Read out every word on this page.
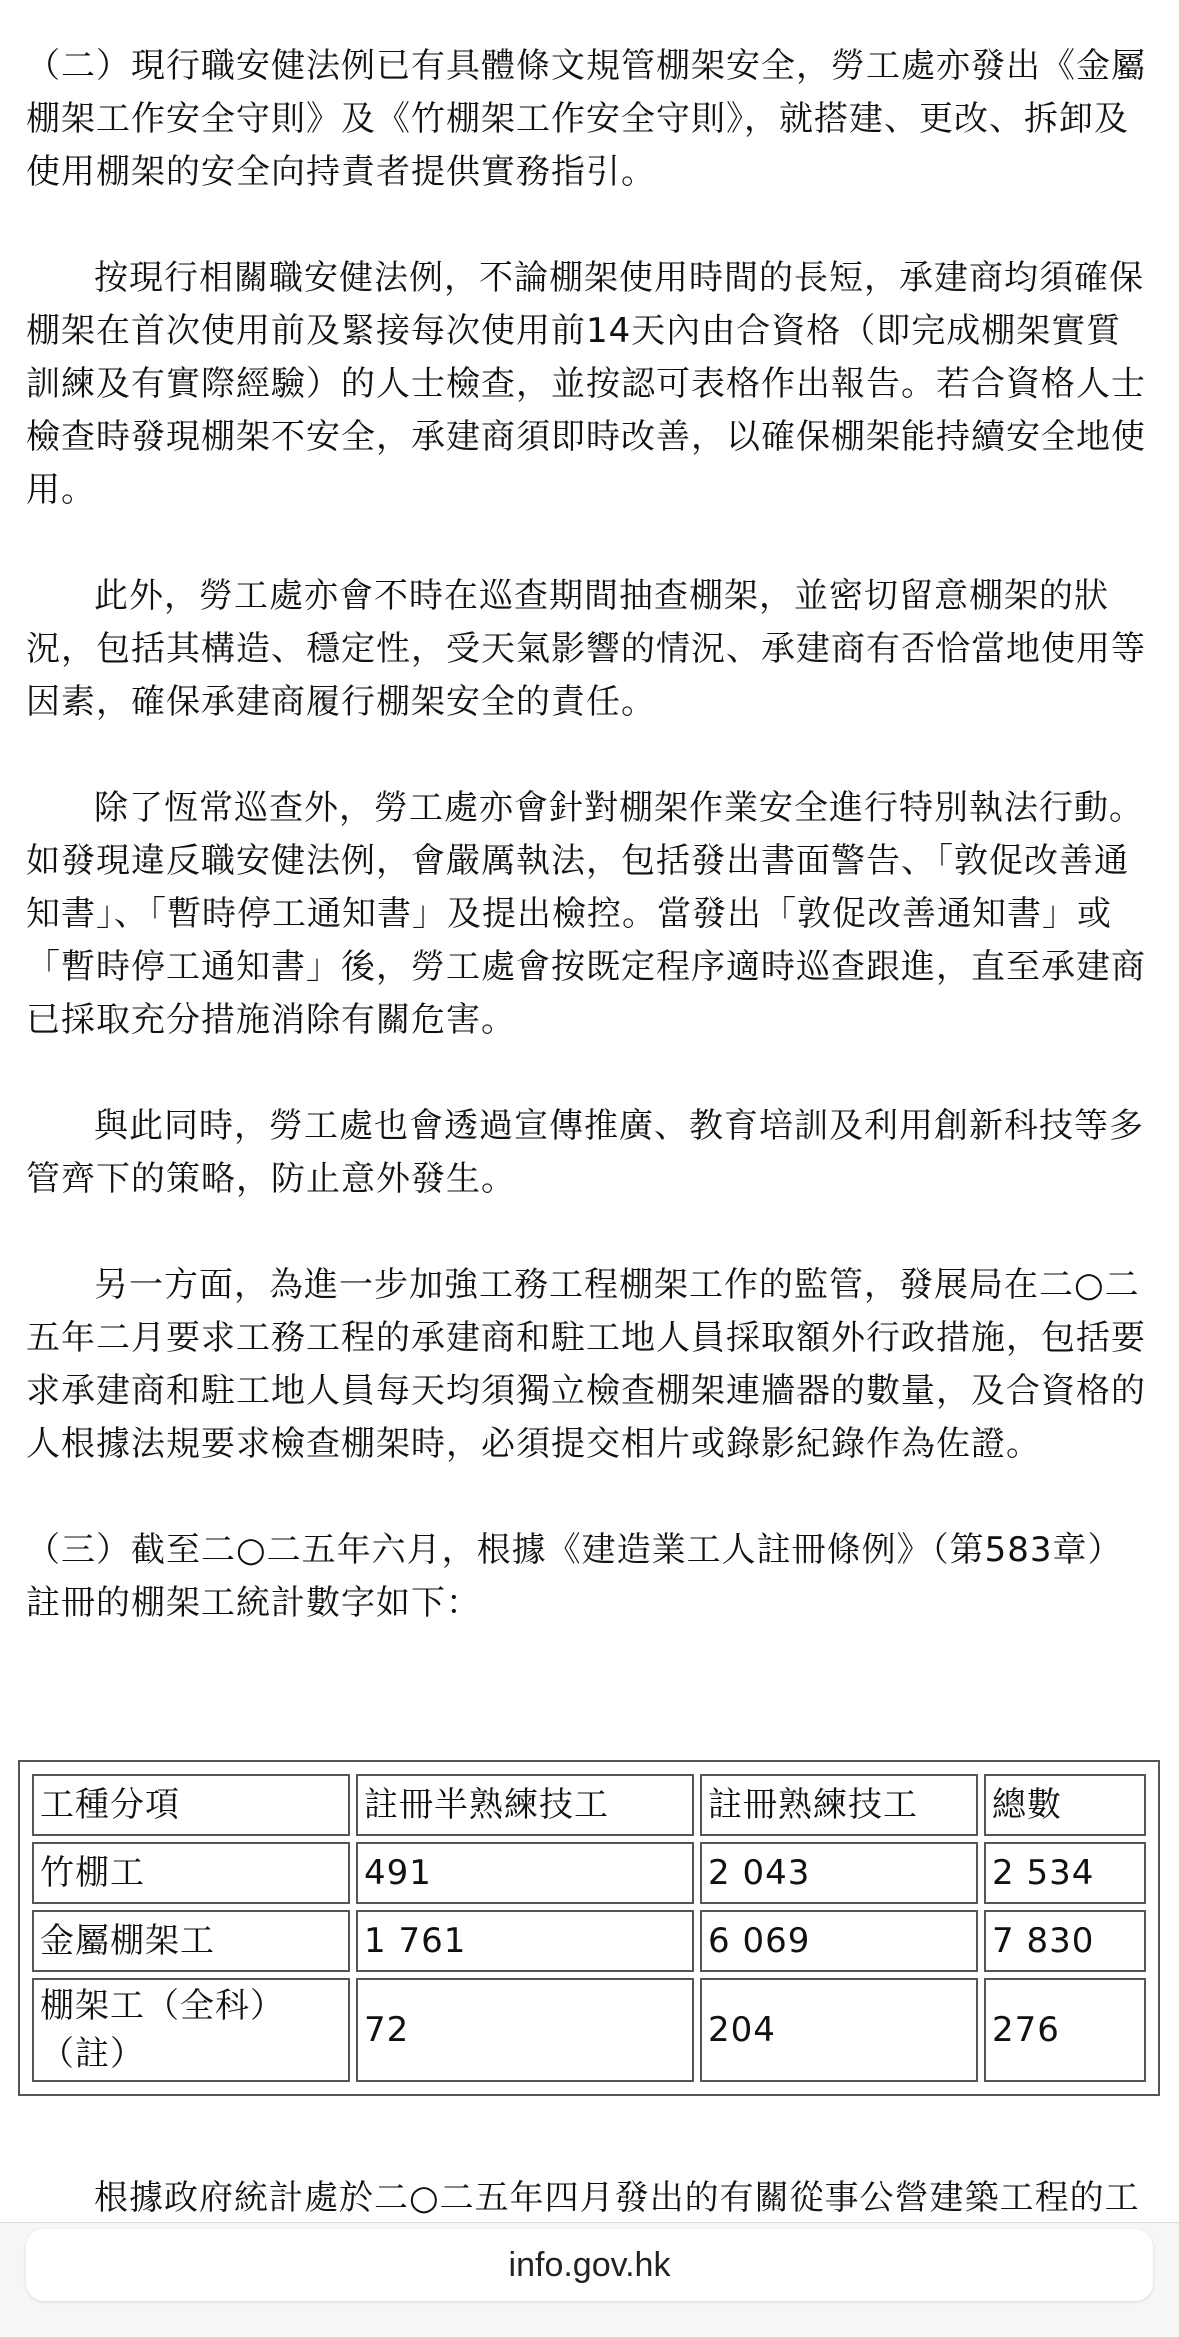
（二）現行職安健法例已有具體條文規管棚架安全，勞工處亦發出《金屬棚架工作安全守則》及《竹棚架工作安全守則》，就搭建、更改、拆卸及使用棚架的安全向持責者提供實務指引。

按現行相關職安健法例，不論棚架使用時間的長短，承建商均須確保棚架在首次使用前及緊接每次使用前14天內由合資格（即完成棚架實質訓練及有實際經驗）的人士檢查，並按認可表格作出報告。若合資格人士檢查時發現棚架不安全，承建商須即時改善，以確保棚架能持續安全地使用。

此外，勞工處亦會不時在巡查期間抽查棚架，並密切留意棚架的狀況，包括其構造、穩定性，受天氣影響的情況、承建商有否恰當地使用等因素，確保承建商履行棚架安全的責任。

除了恆常巡查外，勞工處亦會針對棚架作業安全進行特別執法行動。如發現違反職安健法例，會嚴厲執法，包括發出書面警告、「敦促改善通知書」、「暫時停工通知書」及提出檢控。當發出「敦促改善通知書」或「暫時停工通知書」後，勞工處會按既定程序適時巡查跟進，直至承建商已採取充分措施消除有關危害。

與此同時，勞工處也會透過宣傳推廣、教育培訓及利用創新科技等多管齊下的策略，防止意外發生。

另一方面，為進一步加強工務工程棚架工作的監管，發展局在二○二五年二月要求工務工程的承建商和駐工地人員採取額外行政措施，包括要求承建商和駐工地人員每天均須獨立檢查棚架連牆器的數量，及合資格的人根據法規要求檢查棚架時，必須提交相片或錄影紀錄作為佐證。

（三）截至二○二五年六月，根據《建造業工人註冊條例》（第583章）註冊的棚架工統計數字如下：

工種分項	註冊半熟練技工	註冊熟練技工	總數
竹棚工	491	2 043	2 534
金屬棚架工	1 761	6 069	7 830
棚架工（全科）（註）	72	204	276

根據政府統計處於二○二五年四月發出的有關從事公營建築工程的工

info.gov.hk
